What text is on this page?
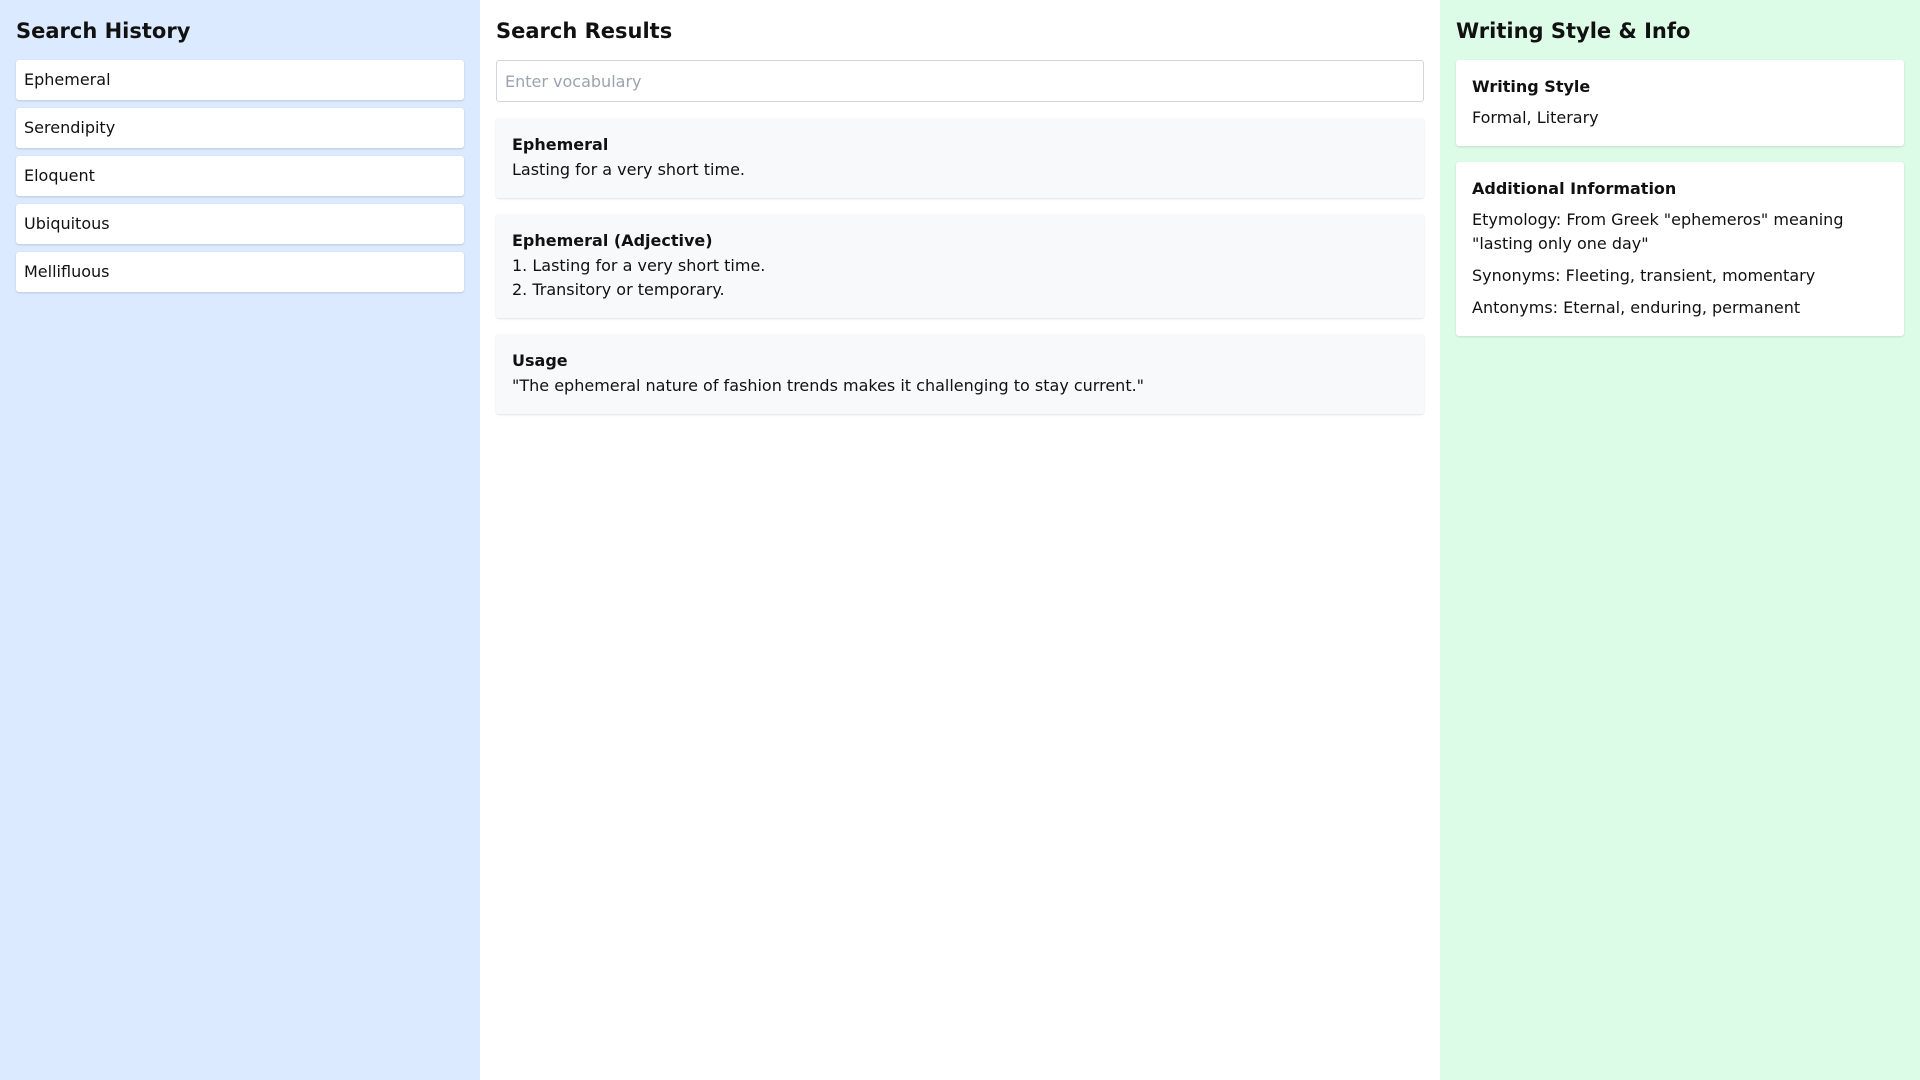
Search History
Ephemeral
Serendipity
Eloquent
Ubiquitous
Mellifluous
Search Results
Enter vocabulary
Ephemeral
Lasting for a very short time.
Ephemeral (Adjective)
1. Lasting for a very short time.
2. Transitory or temporary.
Usage
"The ephemeral nature of fashion trends makes it challenging to stay current."
Writing Style & Info
Writing Style
Formal, Literary
Additional Information
Etymology: From Greek "ephemeros" meaning "lasting only one day"
Synonyms: Fleeting, transient, momentary
Antonyms: Eternal, enduring, permanent
